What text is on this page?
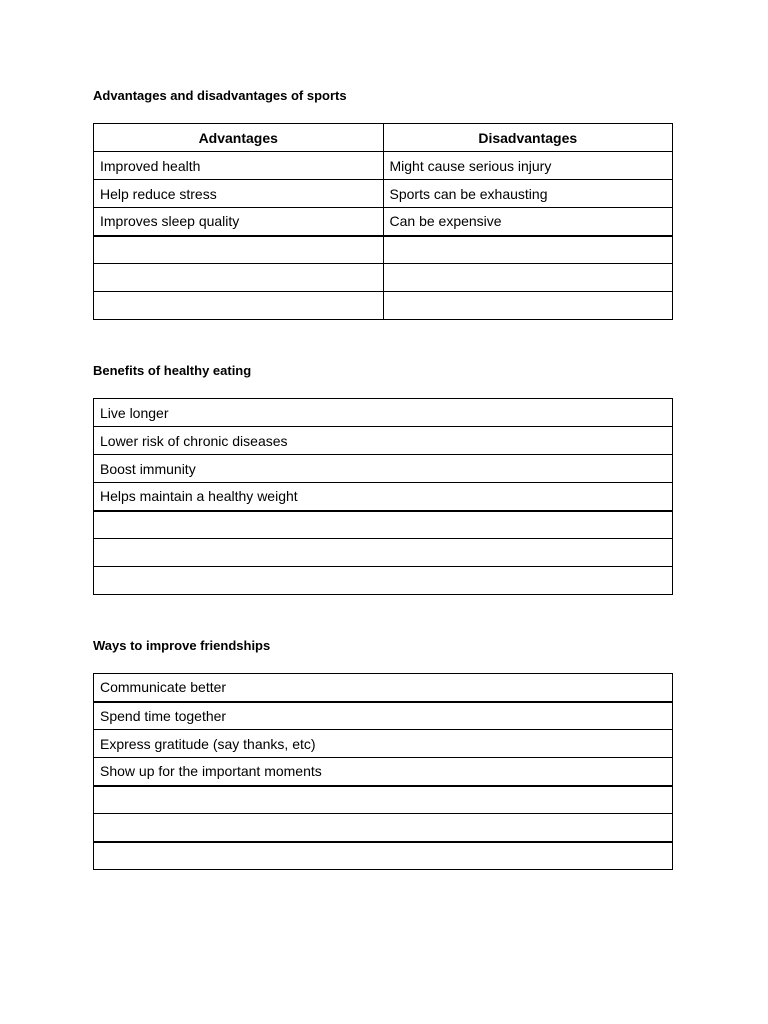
Advantages and disadvantages of sports
Advantages	Disadvantages
Improved health	Might cause serious injury
Help reduce stress	Sports can be exhausting
Improves sleep quality	Can be expensive

Benefits of healthy eating
Live longer
Lower risk of chronic diseases
Boost immunity
Helps maintain a healthy weight

Ways to improve friendships
Communicate better
Spend time together
Express gratitude (say thanks, etc)
Show up for the important moments
